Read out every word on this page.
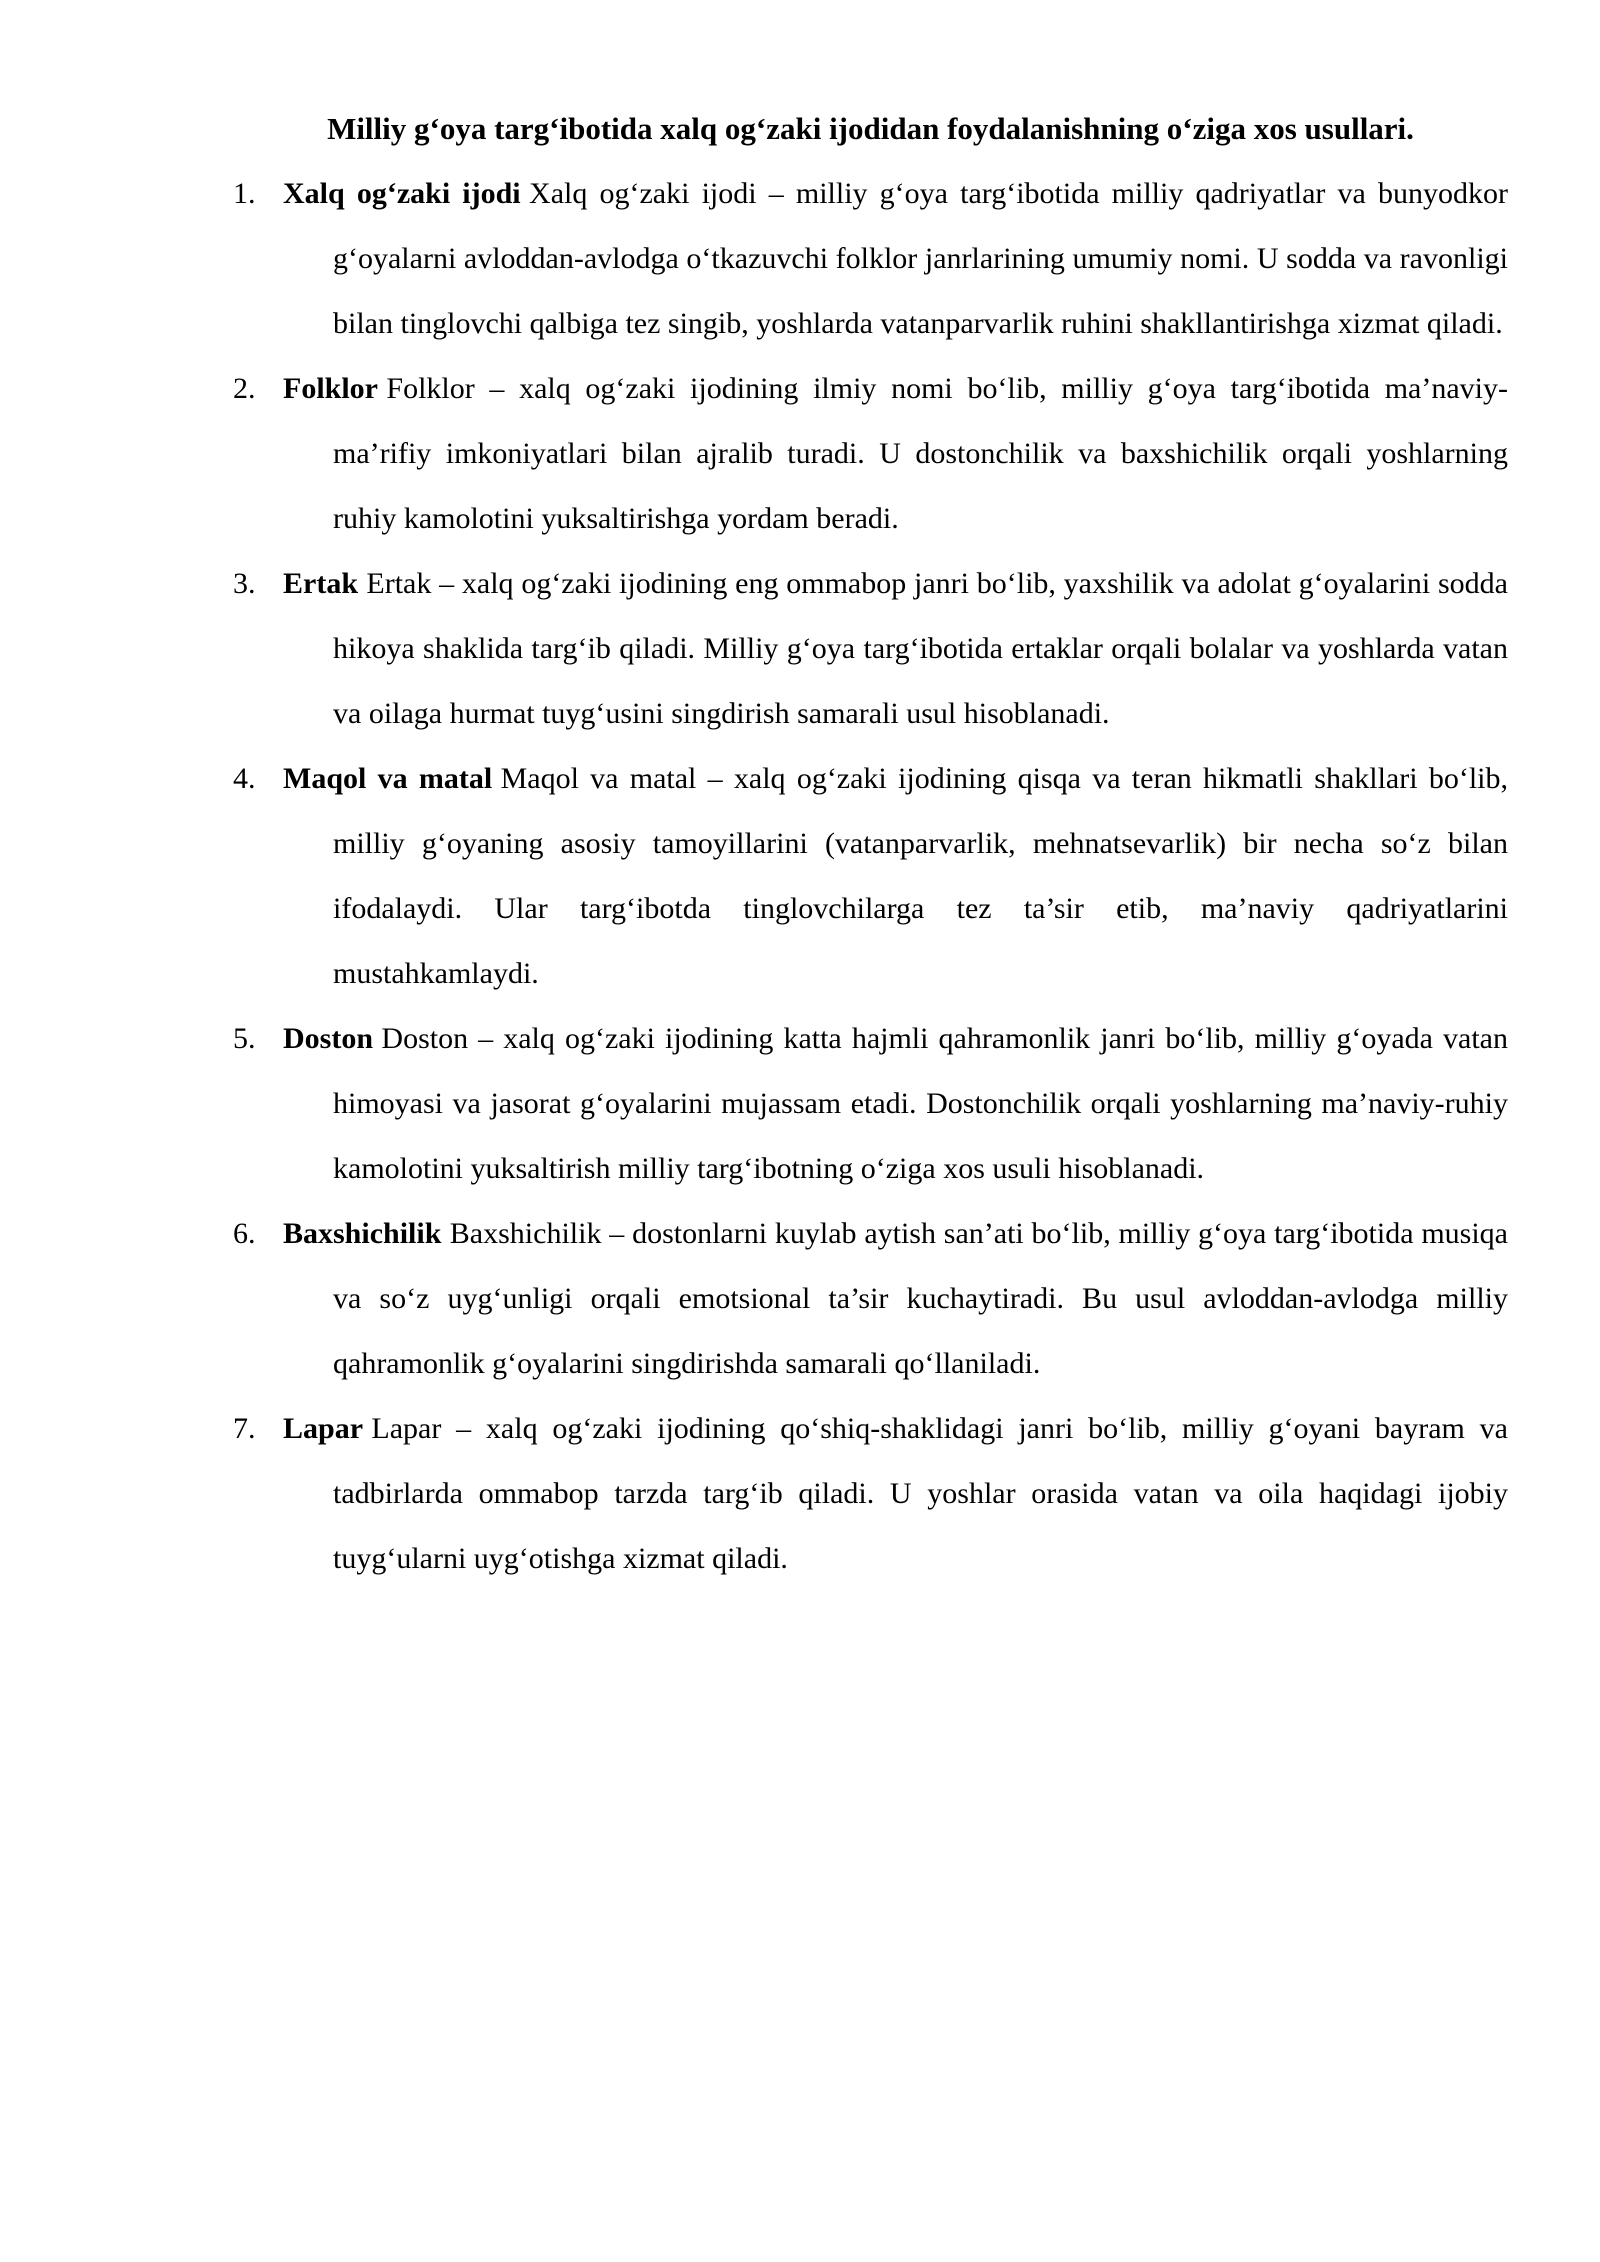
Milliy g‘oya targ‘ibotida xalq og‘zaki ijodidan foydalanishning o‘ziga xos usullari.

1. Xalq og‘zaki ijodi Xalq og‘zaki ijodi – milliy g‘oya targ‘ibotida milliy qadriyatlar va bunyodkor g‘oyalarni avloddan-avlodga o‘tkazuvchi folklor janrlarining umumiy nomi. U sodda va ravonligi bilan tinglovchi qalbiga tez singib, yoshlarda vatanparvarlik ruhini shakllantirishga xizmat qiladi.

2. Folklor Folklor – xalq og‘zaki ijodining ilmiy nomi bo‘lib, milliy g‘oya targ‘ibotida ma’naviy-ma’rifiy imkoniyatlari bilan ajralib turadi. U dostonchilik va baxshichilik orqali yoshlarning ruhiy kamolotini yuksaltirishga yordam beradi.

3. Ertak Ertak – xalq og‘zaki ijodining eng ommabop janri bo‘lib, yaxshilik va adolat g‘oyalarini sodda hikoya shaklida targ‘ib qiladi. Milliy g‘oya targ‘ibotida ertaklar orqali bolalar va yoshlarda vatan va oilaga hurmat tuyg‘usini singdirish samarali usul hisoblanadi.

4. Maqol va matal Maqol va matal – xalq og‘zaki ijodining qisqa va teran hikmatli shakllari bo‘lib, milliy g‘oyaning asosiy tamoyillarini (vatanparvarlik, mehnatsevarlik) bir necha so‘z bilan ifodalaydi. Ular targ‘ibotda tinglovchilarga tez ta’sir etib, ma’naviy qadriyatlarini mustahkamlaydi.

5. Doston Doston – xalq og‘zaki ijodining katta hajmli qahramonlik janri bo‘lib, milliy g‘oyada vatan himoyasi va jasorat g‘oyalarini mujassam etadi. Dostonchilik orqali yoshlarning ma’naviy-ruhiy kamolotini yuksaltirish milliy targ‘ibotning o‘ziga xos usuli hisoblanadi.

6. Baxshichilik Baxshichilik – dostonlarni kuylab aytish san’ati bo‘lib, milliy g‘oya targ‘ibotida musiqa va so‘z uyg‘unligi orqali emotsional ta’sir kuchaytiradi. Bu usul avloddan-avlodga milliy qahramonlik g‘oyalarini singdirishda samarali qo‘llaniladi.

7. Lapar Lapar – xalq og‘zaki ijodining qo‘shiq-shaklidagi janri bo‘lib, milliy g‘oyani bayram va tadbirlarda ommabop tarzda targ‘ib qiladi. U yoshlar orasida vatan va oila haqidagi ijobiy tuyg‘ularni uyg‘otishga xizmat qiladi.
